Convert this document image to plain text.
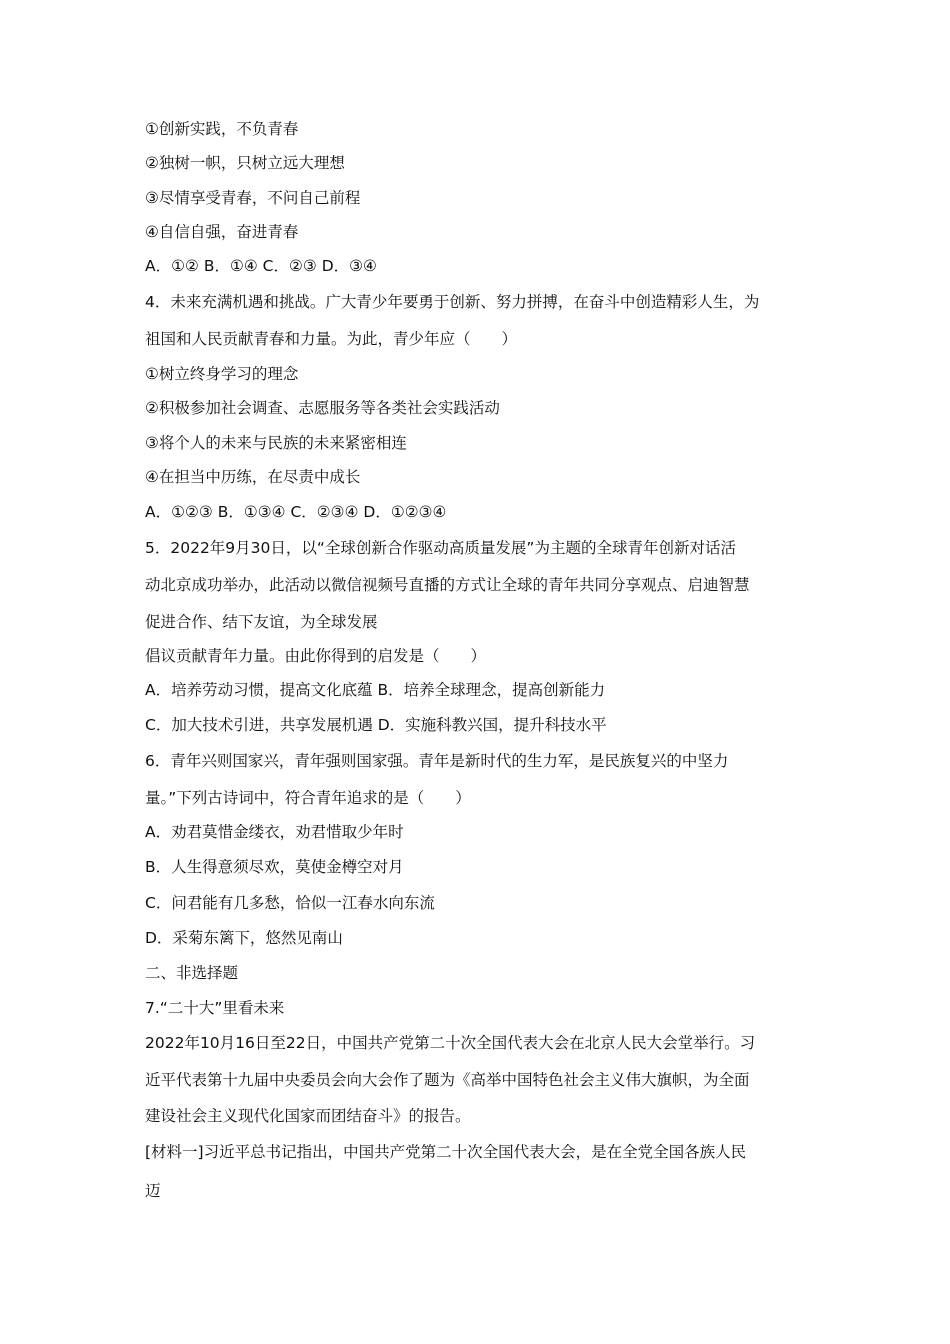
①创新实践，不负青春
②独树一帜，只树立远大理想
③尽情享受青春，不问自己前程
④自信自强，奋进青春
A．①② B．①④ C．②③ D．③④
4．未来充满机遇和挑战。广大青少年要勇于创新、努力拼搏，在奋斗中创造精彩人生，为
祖国和人民贡献青春和力量。为此，青少年应（　　）
①树立终身学习的理念
②积极参加社会调查、志愿服务等各类社会实践活动
③将个人的未来与民族的未来紧密相连
④在担当中历练，在尽责中成长
A．①②③ B．①③④ C．②③④ D．①②③④
5．2022年9月30日，以“全球创新合作驱动高质量发展”为主题的全球青年创新对话活
动北京成功举办，此活动以微信视频号直播的方式让全球的青年共同分享观点、启迪智慧
促进合作、结下友谊，为全球发展
倡议贡献青年力量。由此你得到的启发是（　　）
A．培养劳动习惯，提高文化底蕴 B．培养全球理念，提高创新能力
C．加大技术引进，共享发展机遇 D．实施科教兴国，提升科技水平
6．青年兴则国家兴，青年强则国家强。青年是新时代的生力军，是民族复兴的中坚力
量。”下列古诗词中，符合青年追求的是（　　）
A．劝君莫惜金缕衣，劝君惜取少年时
B．人生得意须尽欢，莫使金樽空对月
C．问君能有几多愁，恰似一江春水向东流
D．采菊东篱下，悠然见南山
二、非选择题
7.“二十大”里看未来
2022年10月16日至22日，中国共产党第二十次全国代表大会在北京人民大会堂举行。习
近平代表第十九届中央委员会向大会作了题为《高举中国特色社会主义伟大旗帜，为全面
建设社会主义现代化国家而团结奋斗》的报告。
[材料一]习近平总书记指出，中国共产党第二十次全国代表大会，是在全党全国各族人民
迈
